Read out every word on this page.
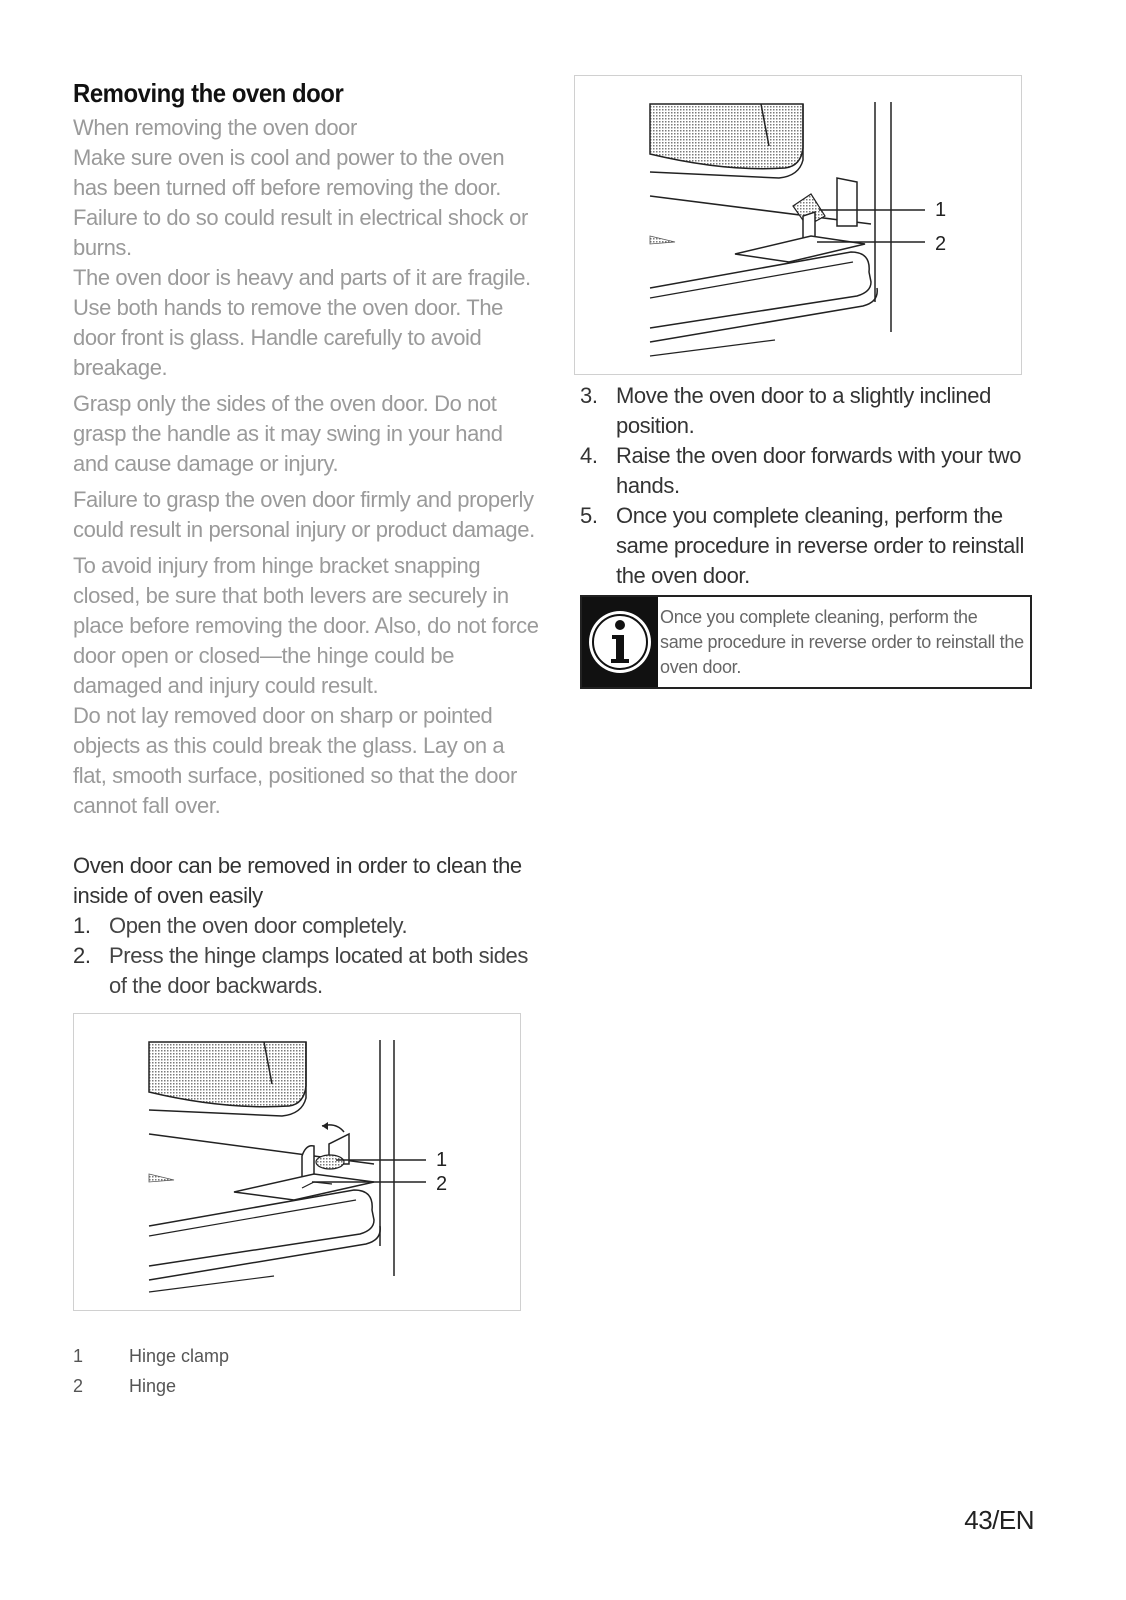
Removing the oven door

When removing the oven door

Make sure oven is cool and power to the oven has been turned off before removing the door. Failure to do so could result in electrical shock or burns.

The oven door is heavy and parts of it are fragile. Use both hands to remove the oven door. The door front is glass. Handle carefully to avoid breakage.

Grasp only the sides of the oven door. Do not grasp the handle as it may swing in your hand and cause damage or injury.

Failure to grasp the oven door firmly and properly could result in personal injury or product damage.

To avoid injury from hinge bracket snapping closed, be sure that both levers are securely in place before removing the door. Also, do not force door open or closed—the hinge could be damaged and injury could result.

Do not lay removed door on sharp or pointed objects as this could break the glass. Lay on a flat, smooth surface, positioned so that the door cannot fall over.

Oven door can be removed in order to clean the inside of oven easily

1. Open the oven door completely.
2. Press the hinge clamps located at both sides of the door backwards.
1
2
1	Hinge clamp
2	Hinge
1
2
3. Move the oven door to a slightly inclined position.
4. Raise the oven door forwards with your two hands.
5. Once you complete cleaning, perform the same procedure in reverse order to reinstall the oven door.
Once you complete cleaning, perform the same procedure in reverse order to reinstall the oven door.
43/EN
